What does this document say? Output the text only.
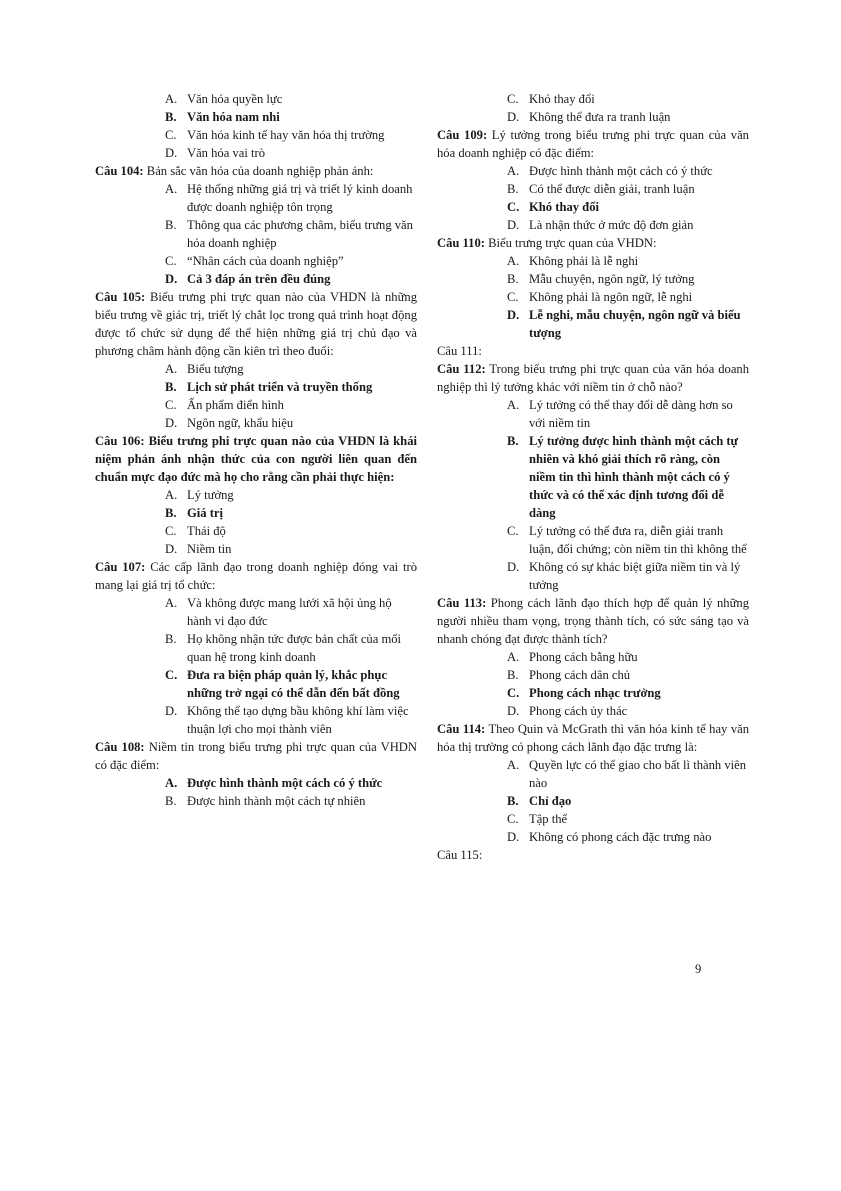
A. Văn hóa quyền lực
B. Văn hóa nam nhi
C. Văn hóa kinh tế hay văn hóa thị trường
D. Văn hóa vai trò

Câu 104: Bản sắc văn hóa của doanh nghiệp phản ánh:

A. Hệ thống những giá trị và triết lý kinh doanh được doanh nghiệp tôn trọng
B. Thông qua các phương châm, biểu trưng văn hóa doanh nghiệp
C. “Nhân cách của doanh nghiệp”
D. Cả 3 đáp án trên đều đúng

Câu 105: Biểu trưng phi trực quan nào của VHDN là những biểu trưng về giác trị, triết lý chắt lọc trong quá trình hoạt động được tổ chức sử dụng để thể hiện những giá trị chủ đạo và phương châm hành động cần kiên trì theo đuổi:

A. Biểu tượng
B. Lịch sử phát triển và truyền thống
C. Ấn phẩm điển hình
D. Ngôn ngữ, khẩu hiệu

Câu 106: Biểu trưng phi trực quan nào của VHDN là khái niệm phản ánh nhận thức của con người liên quan đến chuẩn mực đạo đức mà họ cho rằng cần phải thực hiện:

A. Lý tưởng
B. Giá trị
C. Thái độ
D. Niềm tin

Câu 107: Các cấp lãnh đạo trong doanh nghiệp đóng vai trò mang lại giá trị tổ chức:

A. Và không được mang lưới xã hội ủng hộ hành vi đạo đức
B. Họ không nhận tức được bản chất của mối quan hệ trong kinh doanh
C. Đưa ra biện pháp quản lý, khắc phục những trở ngại có thể dẫn đến bất đồng
D. Không thể tạo dựng bầu không khí làm việc thuận lợi cho mọi thành viên

Câu 108: Niềm tin trong biểu trưng phi trực quan của VHDN có đặc điểm:

A. Được hình thành một cách có ý thức
B. Được hình thành một cách tự nhiên
C. Khó thay đổi
D. Không thể đưa ra tranh luận

Câu 109: Lý tưởng trong biểu trưng phi trực quan của văn hóa doanh nghiệp có đặc điểm:

A. Được hình thành một cách có ý thức
B. Có thể được diễn giải, tranh luận
C. Khó thay đổi
D. Là nhận thức ở mức độ đơn giản

Câu 110: Biểu trưng trực quan của VHDN:

A. Không phải là lễ nghi
B. Mẫu chuyện, ngôn ngữ, lý tưởng
C. Không phải là ngôn ngữ, lễ nghi
D. Lễ nghi, mẫu chuyện, ngôn ngữ và biểu tượng

Câu 111:

Câu 112: Trong biểu trưng phi trực quan của văn hóa doanh nghiệp thì lý tưởng khác với niềm tin ở chỗ nào?

A. Lý tưởng có thể thay đổi dễ dàng hơn so với niềm tin
B. Lý tưởng được hình thành một cách tự nhiên và khó giải thích rõ ràng, còn niềm tin thì hình thành một cách có ý thức và có thể xác định tương đối dễ dàng
C. Lý tưởng có thể đưa ra, diễn giải tranh luận, đối chứng; còn niềm tin thì không thể
D. Không có sự khác biệt giữa niềm tin và lý tưởng

Câu 113: Phong cách lãnh đạo thích hợp để quản lý những người nhiều tham vọng, trọng thành tích, có sức sáng tạo và nhanh chóng đạt được thành tích?

A. Phong cách bằng hữu
B. Phong cách dân chủ
C. Phong cách nhạc trưởng
D. Phong cách ủy thác

Câu 114: Theo Quin và McGrath thì văn hóa kinh tế hay văn hóa thị trường có phong cách lãnh đạo đặc trưng là:

A. Quyền lực có thể giao cho bất lì thành viên nào
B. Chỉ đạo
C. Tập thể
D. Không có phong cách đặc trưng nào

Câu 115:

9
